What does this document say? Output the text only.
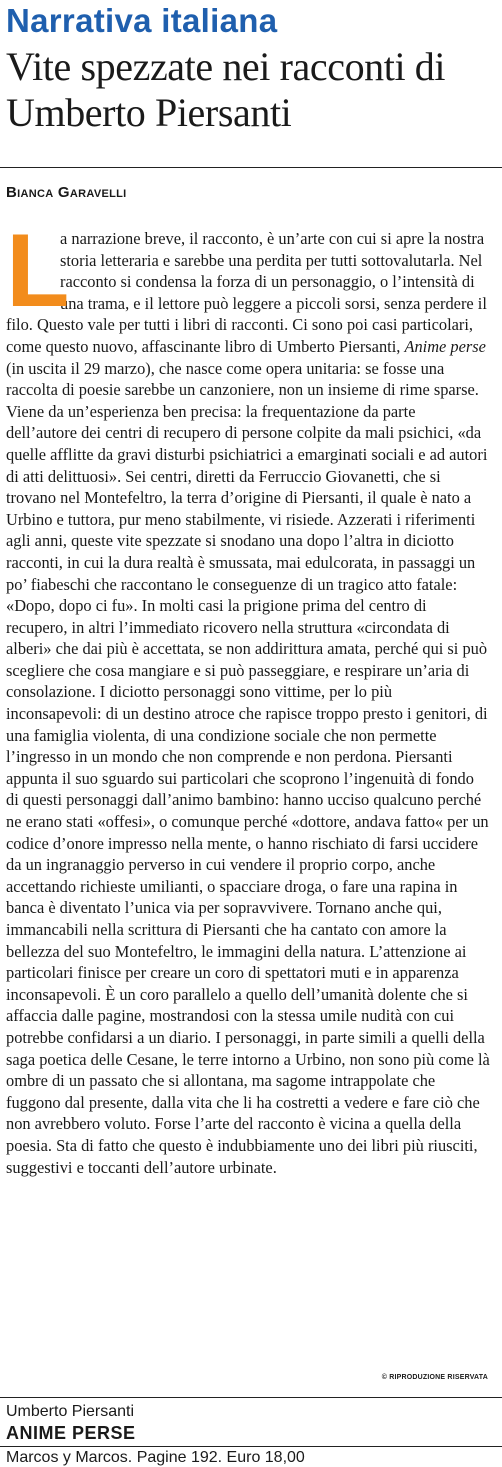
Narrativa italiana
Vite spezzate nei racconti di Umberto Piersanti
Bianca Garavelli

L
a narrazione breve, il racconto, è un’arte con cui si apre la nostra storia letteraria e sarebbe una perdita per tutti sottovalutarla. Nel racconto si condensa la forza di un personaggio, o l’intensità di una trama, e il lettore può leggere a piccoli sorsi, senza perdere il filo. Questo vale per tutti i libri di racconti. Ci sono poi casi particolari, come questo nuovo, affascinante libro di Umberto Piersanti, Anime perse (in uscita il 29 marzo), che nasce come opera unitaria: se fosse una raccolta di poesie sarebbe un canzoniere, non un insieme di rime sparse. Viene da un’esperienza ben precisa: la frequentazione da parte dell’autore dei centri di recupero di persone colpite da mali psichici, «da quelle afflitte da gravi disturbi psichiatrici a emarginati sociali e ad autori di atti delittuosi». Sei centri, diretti da Ferruccio Giovanetti, che si trovano nel Montefeltro, la terra d’origine di Piersanti, il quale è nato a Urbino e tuttora, pur meno stabilmente, vi risiede. Azzerati i riferimenti agli anni, queste vite spezzate si snodano una dopo l’altra in diciotto racconti, in cui la dura realtà è smussata, mai edulcorata, in passaggi un po’ fiabeschi che raccontano le conseguenze di un tragico atto fatale: «Dopo, dopo ci fu». In molti casi la prigione prima del centro di recupero, in altri l’immediato ricovero nella struttura «circondata di alberi» che dai più è accettata, se non addirittura amata, perché qui si può scegliere che cosa mangiare e si può passeggiare, e respirare un’aria di consolazione. I diciotto personaggi sono vittime, per lo più inconsapevoli: di un destino atroce che rapisce troppo presto i genitori, di una famiglia violenta, di una condizione sociale che non permette l’ingresso in un mondo che non comprende e non perdona. Piersanti appunta il suo sguardo sui particolari che scoprono l’ingenuità di fondo di questi personaggi dall’animo bambino: hanno ucciso qualcuno perché ne erano stati «offesi», o comunque perché «dottore, andava fatto« per un codice d’onore impresso nella mente, o hanno rischiato di farsi uccidere da un ingranaggio perverso in cui vendere il proprio corpo, anche accettando richieste umilianti, o spacciare droga, o fare una rapina in banca è diventato l’unica via per sopravvivere. Tornano anche qui, immancabili nella scrittura di Piersanti che ha cantato con amore la bellezza del suo Montefeltro, le immagini della natura. L’attenzione ai particolari finisce per creare un coro di spettatori muti e in apparenza inconsapevoli. È un coro parallelo a quello dell’umanità dolente che si affaccia dalle pagine, mostrandosi con la stessa umile nudità con cui potrebbe confidarsi a un diario. I personaggi, in parte simili a quelli della saga poetica delle Cesane, le terre intorno a Urbino, non sono più come là ombre di un passato che si allontana, ma sagome intrappolate che fuggono dal presente, dalla vita che li ha costretti a vedere e fare ciò che non avrebbero voluto. Forse l’arte del racconto è vicina a quella della poesia. Sta di fatto che questo è indubbiamente uno dei libri più riusciti, suggestivi e toccanti dell’autore urbinate.

© RIPRODUZIONE RISERVATA
Umberto Piersanti
ANIME PERSE
Marcos y Marcos. Pagine 192. Euro 18,00
